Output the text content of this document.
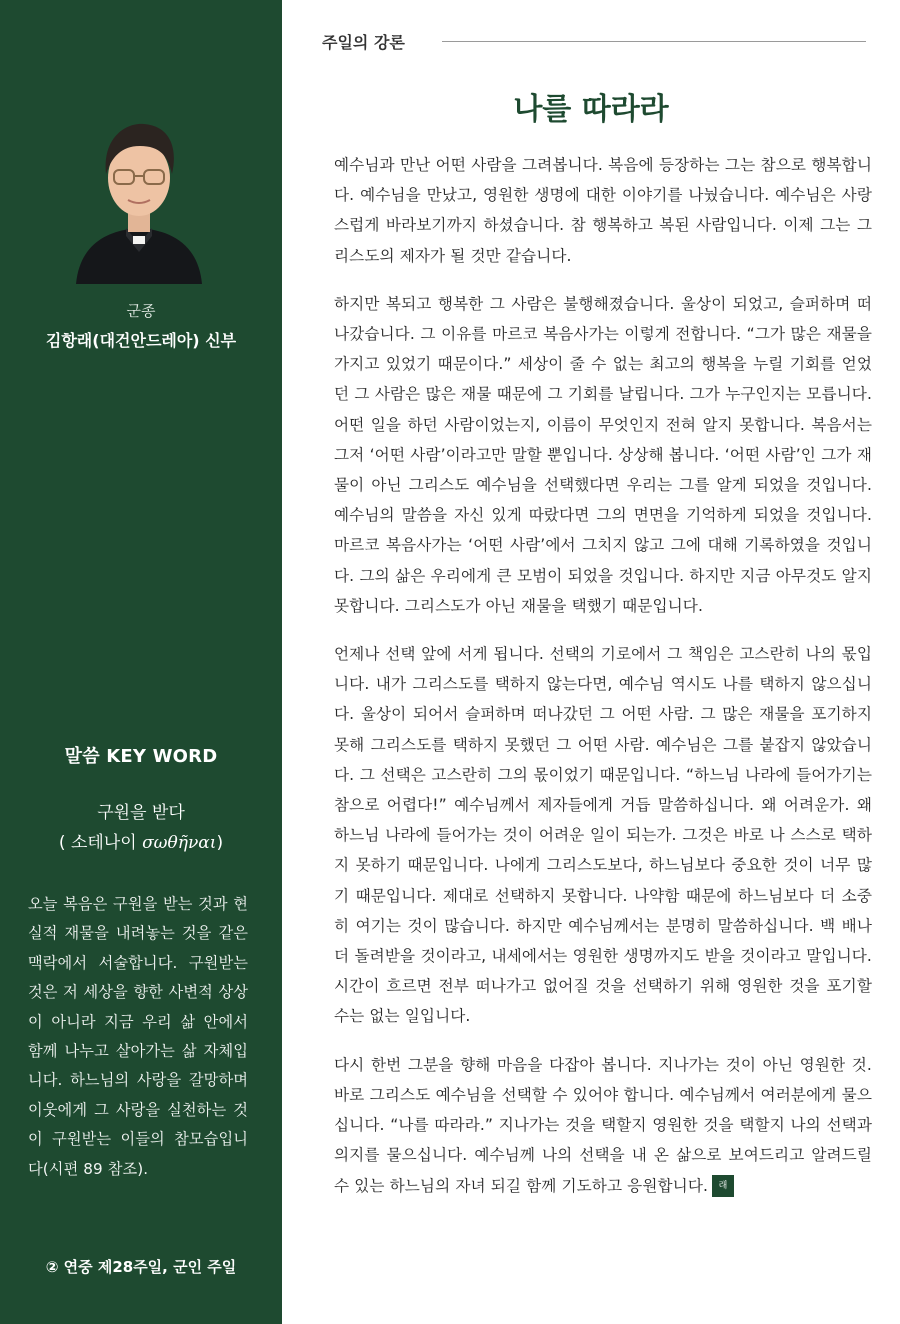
군종
김항래(대건안드레아) 신부
말씀 KEY WORD
구원을 받다
( 소테나이 σωθῆναι)
오늘 복음은 구원을 받는 것과 현실적 재물을 내려놓는 것을 같은 맥락에서 서술합니다. 구원받는 것은 저 세상을 향한 사변적 상상이 아니라 지금 우리 삶 안에서 함께 나누고 살아가는 삶 자체입니다. 하느님의 사랑을 갈망하며 이웃에게 그 사랑을 실천하는 것이 구원받는 이들의 참모습입니다(시편 89 참조).
② 연중 제28주일, 군인 주일
주일의 강론
나를 따라라

예수님과 만난 어떤 사람을 그려봅니다. 복음에 등장하는 그는 참으로 행복합니다. 예수님을 만났고, 영원한 생명에 대한 이야기를 나눴습니다. 예수님은 사랑스럽게 바라보기까지 하셨습니다. 참 행복하고 복된 사람입니다. 이제 그는 그리스도의 제자가 될 것만 같습니다.

하지만 복되고 행복한 그 사람은 불행해졌습니다. 울상이 되었고, 슬퍼하며 떠나갔습니다. 그 이유를 마르코 복음사가는 이렇게 전합니다. “그가 많은 재물을 가지고 있었기 때문이다.” 세상이 줄 수 없는 최고의 행복을 누릴 기회를 얻었던 그 사람은 많은 재물 때문에 그 기회를 날립니다. 그가 누구인지는 모릅니다. 어떤 일을 하던 사람이었는지, 이름이 무엇인지 전혀 알지 못합니다. 복음서는 그저 ‘어떤 사람’이라고만 말할 뿐입니다. 상상해 봅니다. ‘어떤 사람’인 그가 재물이 아닌 그리스도 예수님을 선택했다면 우리는 그를 알게 되었을 것입니다. 예수님의 말씀을 자신 있게 따랐다면 그의 면면을 기억하게 되었을 것입니다. 마르코 복음사가는 ‘어떤 사람’에서 그치지 않고 그에 대해 기록하였을 것입니다. 그의 삶은 우리에게 큰 모범이 되었을 것입니다. 하지만 지금 아무것도 알지 못합니다. 그리스도가 아닌 재물을 택했기 때문입니다.

언제나 선택 앞에 서게 됩니다. 선택의 기로에서 그 책임은 고스란히 나의 몫입니다. 내가 그리스도를 택하지 않는다면, 예수님 역시도 나를 택하지 않으십니다. 울상이 되어서 슬퍼하며 떠나갔던 그 어떤 사람. 그 많은 재물을 포기하지 못해 그리스도를 택하지 못했던 그 어떤 사람. 예수님은 그를 붙잡지 않았습니다. 그 선택은 고스란히 그의 몫이었기 때문입니다. “하느님 나라에 들어가기는 참으로 어렵다!” 예수님께서 제자들에게 거듭 말씀하십니다. 왜 어려운가. 왜 하느님 나라에 들어가는 것이 어려운 일이 되는가. 그것은 바로 나 스스로 택하지 못하기 때문입니다. 나에게 그리스도보다, 하느님보다 중요한 것이 너무 많기 때문입니다. 제대로 선택하지 못합니다. 나약함 때문에 하느님보다 더 소중히 여기는 것이 많습니다. 하지만 예수님께서는 분명히 말씀하십니다. 백 배나 더 돌려받을 것이라고, 내세에서는 영원한 생명까지도 받을 것이라고 말입니다. 시간이 흐르면 전부 떠나가고 없어질 것을 선택하기 위해 영원한 것을 포기할 수는 없는 일입니다.

다시 한번 그분을 향해 마음을 다잡아 봅니다. 지나가는 것이 아닌 영원한 것. 바로 그리스도 예수님을 선택할 수 있어야 합니다. 예수님께서 여러분에게 물으십니다. “나를 따라라.” 지나가는 것을 택할지 영원한 것을 택할지 나의 선택과 의지를 물으십니다. 예수님께 나의 선택을 내 온 삶으로 보여드리고 알려드릴 수 있는 하느님의 자녀 되길 함께 기도하고 응원합니다. 래
